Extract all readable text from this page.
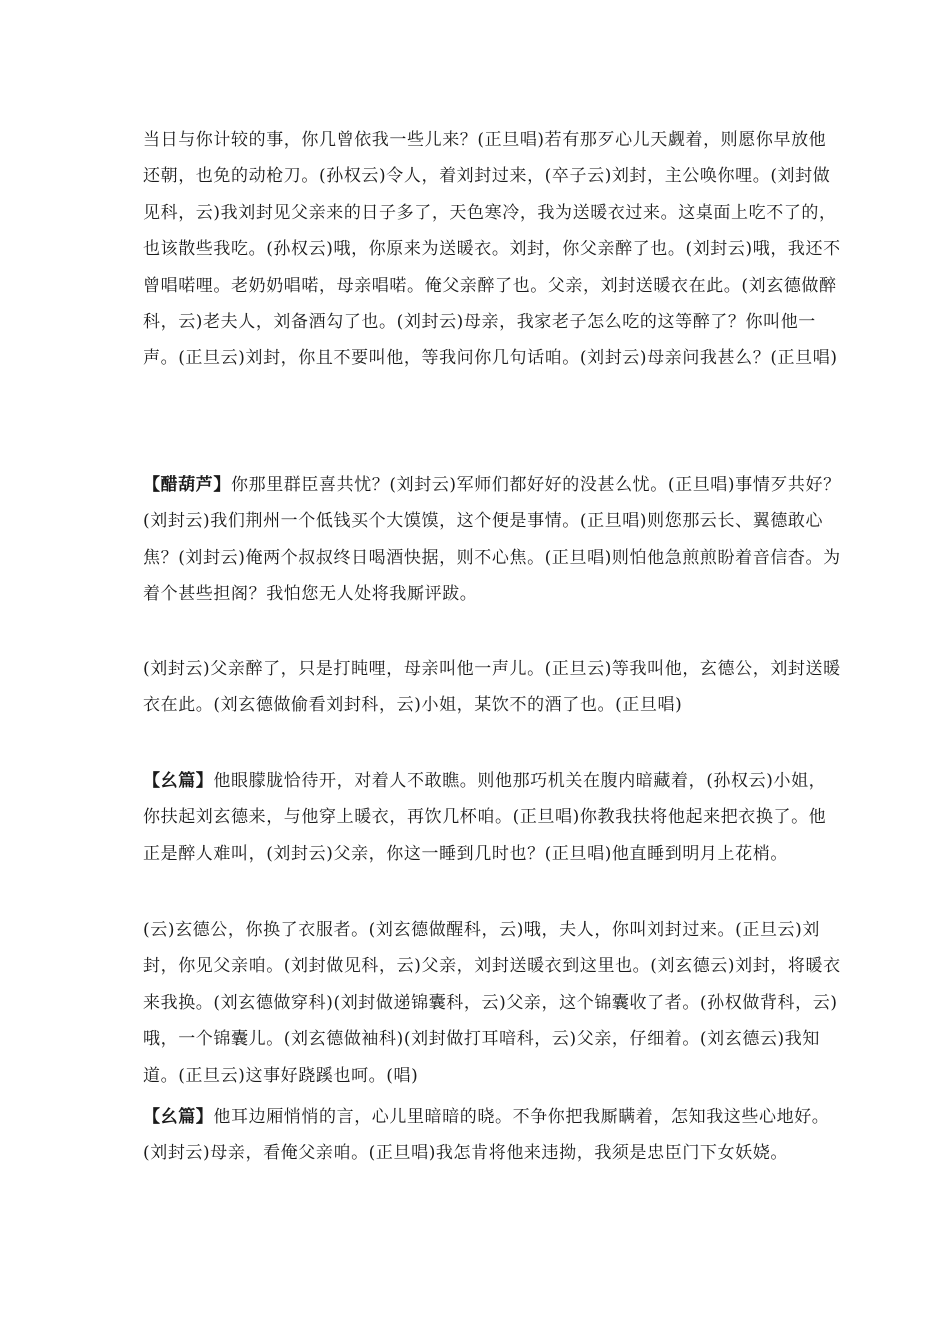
当日与你计较的事，你几曾依我一些儿来？(正旦唱)若有那歹心儿天觑着，则愿你早放他还朝，也免的动枪刀。(孙权云)令人，着刘封过来，(卒子云)刘封，主公唤你哩。(刘封做见科，云)我刘封见父亲来的日子多了，天色寒冷，我为送暖衣过来。这桌面上吃不了的，也该散些我吃。(孙权云)哦，你原来为送暖衣。刘封，你父亲醉了也。(刘封云)哦，我还不曾唱喏哩。老奶奶唱喏，母亲唱喏。俺父亲醉了也。父亲，刘封送暖衣在此。(刘玄德做醉科，云)老夫人，刘备酒勾了也。(刘封云)母亲，我家老子怎么吃的这等醉了？你叫他一声。(正旦云)刘封，你且不要叫他，等我问你几句话咱。(刘封云)母亲问我甚么？(正旦唱)

【醋葫芦】你那里群臣喜共忧？(刘封云)军师们都好好的没甚么忧。(正旦唱)事情歹共好？(刘封云)我们荆州一个低钱买个大馍馍，这个便是事情。(正旦唱)则您那云长、翼德敢心焦？(刘封云)俺两个叔叔终日喝酒快据，则不心焦。(正旦唱)则怕他急煎煎盼着音信杳。为着个甚些担阁？我怕您无人处将我厮评跋。

(刘封云)父亲醉了，只是打盹哩，母亲叫他一声儿。(正旦云)等我叫他，玄德公，刘封送暖衣在此。(刘玄德做偷看刘封科，云)小姐，某饮不的酒了也。(正旦唱)

【幺篇】他眼朦胧恰待开，对着人不敢瞧。则他那巧机关在腹内暗藏着，(孙权云)小姐，你扶起刘玄德来，与他穿上暖衣，再饮几杯咱。(正旦唱)你教我扶将他起来把衣换了。他正是醉人难叫，(刘封云)父亲，你这一睡到几时也？(正旦唱)他直睡到明月上花梢。

(云)玄德公，你换了衣服者。(刘玄德做醒科，云)哦，夫人，你叫刘封过来。(正旦云)刘封，你见父亲咱。(刘封做见科，云)父亲，刘封送暖衣到这里也。(刘玄德云)刘封，将暖衣来我换。(刘玄德做穿科)(刘封做递锦囊科，云)父亲，这个锦囊收了者。(孙权做背科，云)哦，一个锦囊儿。(刘玄德做袖科)(刘封做打耳喑科，云)父亲，仔细着。(刘玄德云)我知道。(正旦云)这事好跷蹊也呵。(唱)

【幺篇】他耳边厢悄悄的言，心儿里暗暗的晓。不争你把我厮瞒着，怎知我这些心地好。(刘封云)母亲，看俺父亲咱。(正旦唱)我怎肯将他来违拗，我须是忠臣门下女妖娆。
